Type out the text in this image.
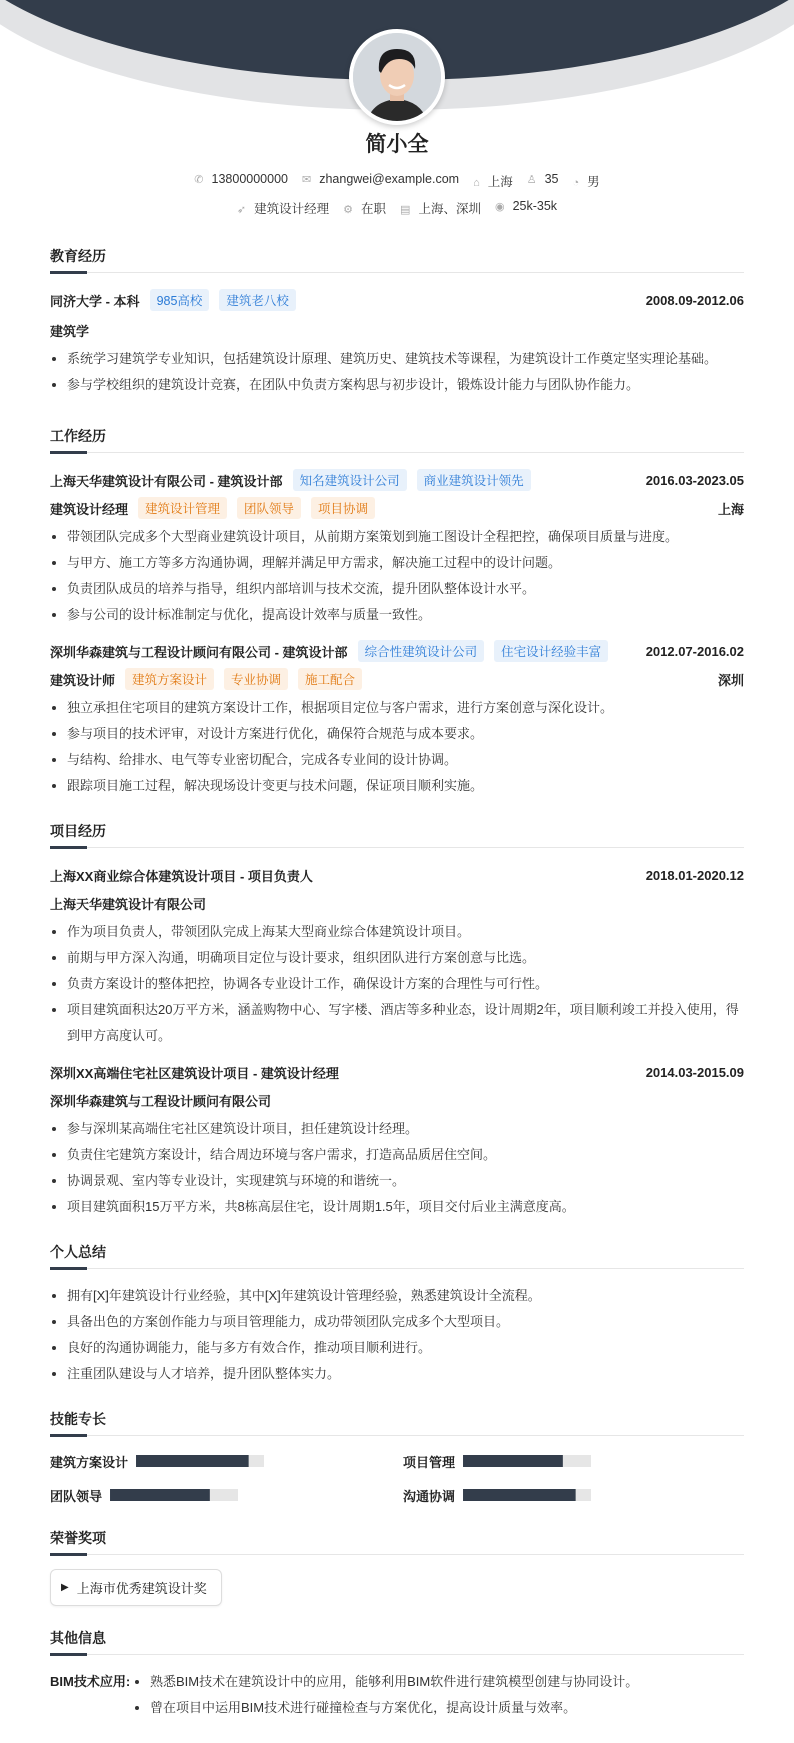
简小全
✆ 13800000000 ✉ zhangwei@example.com ⌂ 上海 ♙ 35 ◔ 男
➶ 建筑设计经理 ⚙ 在职 ▤ 上海、深圳 ◉ 25k-35k
教育经历
同济大学 - 本科	985高校	建筑老八校	2008.09-2012.06
建筑学
系统学习建筑学专业知识，包括建筑设计原理、建筑历史、建筑技术等课程，为建筑设计工作奠定坚实理论基础。
参与学校组织的建筑设计竞赛，在团队中负责方案构思与初步设计，锻炼设计能力与团队协作能力。
工作经历
上海天华建筑设计有限公司 - 建筑设计部	知名建筑设计公司	商业建筑设计领先	2016.03-2023.05
建筑设计经理	建筑设计管理	团队领导	项目协调	上海
带领团队完成多个大型商业建筑设计项目，从前期方案策划到施工图设计全程把控，确保项目质量与进度。
与甲方、施工方等多方沟通协调，理解并满足甲方需求，解决施工过程中的设计问题。
负责团队成员的培养与指导，组织内部培训与技术交流，提升团队整体设计水平。
参与公司的设计标准制定与优化，提高设计效率与质量一致性。
深圳华森建筑与工程设计顾问有限公司 - 建筑设计部	综合性建筑设计公司	住宅设计经验丰富	2012.07-2016.02
建筑设计师	建筑方案设计	专业协调	施工配合	深圳
独立承担住宅项目的建筑方案设计工作，根据项目定位与客户需求，进行方案创意与深化设计。
参与项目的技术评审，对设计方案进行优化，确保符合规范与成本要求。
与结构、给排水、电气等专业密切配合，完成各专业间的设计协调。
跟踪项目施工过程，解决现场设计变更与技术问题，保证项目顺利实施。
项目经历
上海XX商业综合体建筑设计项目 - 项目负责人	2018.01-2020.12
上海天华建筑设计有限公司
作为项目负责人，带领团队完成上海某大型商业综合体建筑设计项目。
前期与甲方深入沟通，明确项目定位与设计要求，组织团队进行方案创意与比选。
负责方案设计的整体把控，协调各专业设计工作，确保设计方案的合理性与可行性。
项目建筑面积达20万平方米，涵盖购物中心、写字楼、酒店等多种业态，设计周期2年，项目顺利竣工并投入使用，得到甲方高度认可。
深圳XX高端住宅社区建筑设计项目 - 建筑设计经理	2014.03-2015.09
深圳华森建筑与工程设计顾问有限公司
参与深圳某高端住宅社区建筑设计项目，担任建筑设计经理。
负责住宅建筑方案设计，结合周边环境与客户需求，打造高品质居住空间。
协调景观、室内等专业设计，实现建筑与环境的和谐统一。
项目建筑面积15万平方米，共8栋高层住宅，设计周期1.5年，项目交付后业主满意度高。
个人总结
拥有[X]年建筑设计行业经验，其中[X]年建筑设计管理经验，熟悉建筑设计全流程。
具备出色的方案创作能力与项目管理能力，成功带领团队完成多个大型项目。
良好的沟通协调能力，能与多方有效合作，推动项目顺利进行。
注重团队建设与人才培养，提升团队整体实力。
技能专长
建筑方案设计	项目管理
团队领导	沟通协调
荣誉奖项
▶ 上海市优秀建筑设计奖
其他信息
BIM技术应用:	熟悉BIM技术在建筑设计中的应用，能够利用BIM软件进行建筑模型创建与协同设计。
曾在项目中运用BIM技术进行碰撞检查与方案优化，提高设计质量与效率。
